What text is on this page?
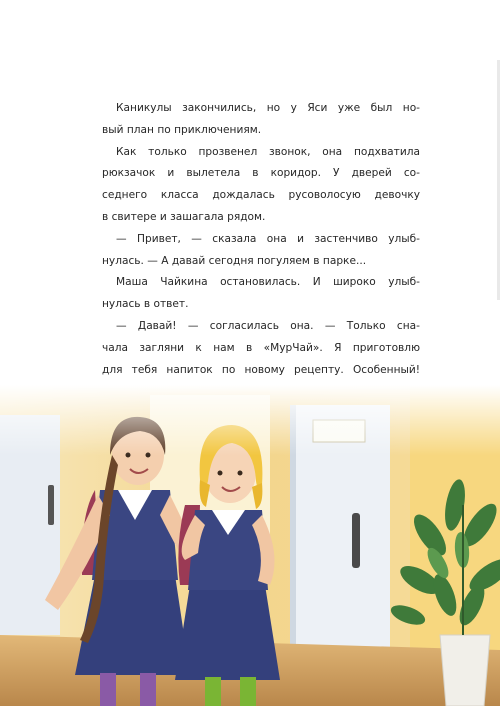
Каникулы закончились, но у Яси уже был но-
вый план по приключениям.

Как только прозвенел звонок, она подхватила
рюкзачок и вылетела в коридор. У дверей со-
седнего класса дождалась русоволосую девочку
в свитере и зашагала рядом.

— Привет, — сказала она и застенчиво улыб-
нулась. — А давай сегодня погуляем в парке...

Маша Чайкина остановилась. И широко улыб-
нулась в ответ.

— Давай! — согласилась она. — Только сна-
чала загляни к нам в «МурЧай». Я приготовлю
для тебя напиток по новому рецепту. Особенный!
